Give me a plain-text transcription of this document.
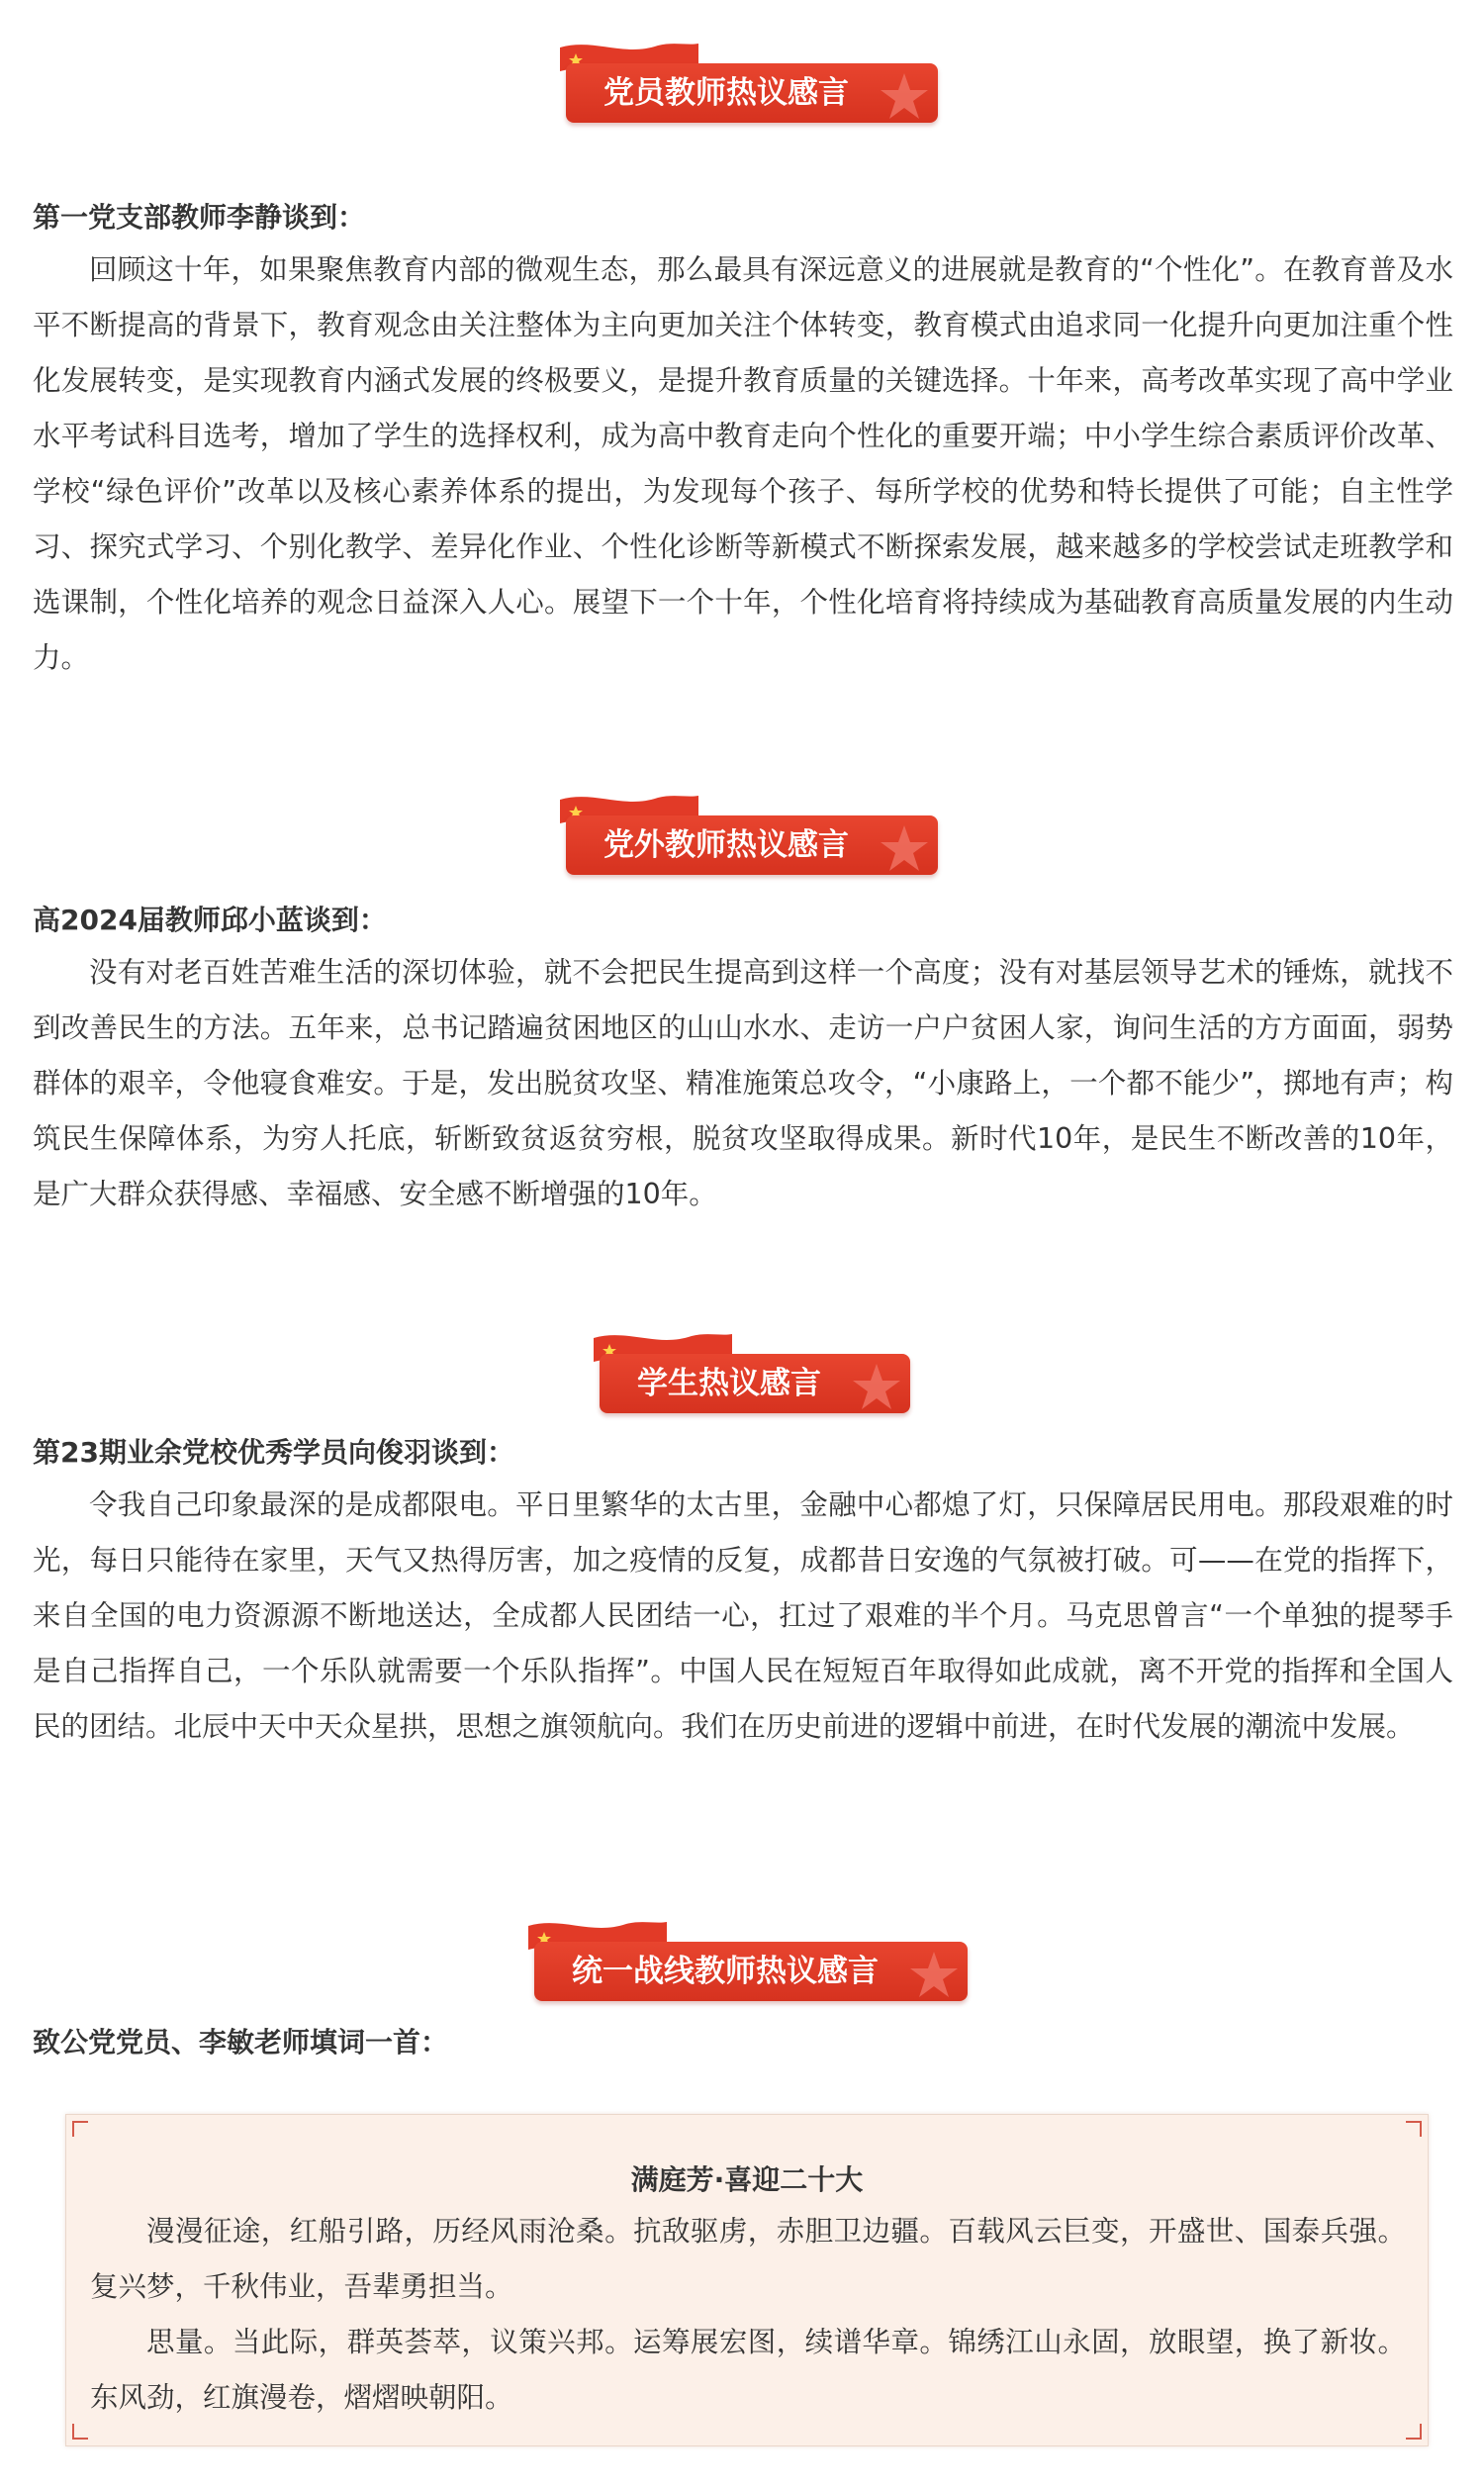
党员教师热议感言
第一党支部教师李静谈到：

回顾这十年，如果聚焦教育内部的微观生态，那么最具有深远意义的进展就是教育的“个性化”。在教育普及水平不断提高的背景下，教育观念由关注整体为主向更加关注个体转变，教育模式由追求同一化提升向更加注重个性化发展转变，是实现教育内涵式发展的终极要义，是提升教育质量的关键选择。十年来，高考改革实现了高中学业水平考试科目选考，增加了学生的选择权利，成为高中教育走向个性化的重要开端；中小学生综合素质评价改革、学校“绿色评价”改革以及核心素养体系的提出，为发现每个孩子、每所学校的优势和特长提供了可能；自主性学习、探究式学习、个别化教学、差异化作业、个性化诊断等新模式不断探索发展，越来越多的学校尝试走班教学和选课制，个性化培养的观念日益深入人心。展望下一个十年，个性化培育将持续成为基础教育高质量发展的内生动力。

党外教师热议感言
高2024届教师邱小蓝谈到：

没有对老百姓苦难生活的深切体验，就不会把民生提高到这样一个高度；没有对基层领导艺术的锤炼，就找不到改善民生的方法。五年来，总书记踏遍贫困地区的山山水水、走访一户户贫困人家，询问生活的方方面面，弱势群体的艰辛，令他寝食难安。于是，发出脱贫攻坚、精准施策总攻令，“小康路上，一个都不能少”，掷地有声；构筑民生保障体系，为穷人托底，斩断致贫返贫穷根，脱贫攻坚取得成果。新时代10年，是民生不断改善的10年，是广大群众获得感、幸福感、安全感不断增强的10年。

学生热议感言
第23期业余党校优秀学员向俊羽谈到：

令我自己印象最深的是成都限电。平日里繁华的太古里，金融中心都熄了灯，只保障居民用电。那段艰难的时光，每日只能待在家里，天气又热得厉害，加之疫情的反复，成都昔日安逸的气氛被打破。可——在党的指挥下，来自全国的电力资源源不断地送达，全成都人民团结一心，扛过了艰难的半个月。马克思曾言“一个单独的提琴手是自己指挥自己，一个乐队就需要一个乐队指挥”。中国人民在短短百年取得如此成就，离不开党的指挥和全国人民的团结。北辰中天中天众星拱，思想之旗领航向。我们在历史前进的逻辑中前进，在时代发展的潮流中发展。

统一战线教师热议感言
致公党党员、李敏老师填词一首：
满庭芳·喜迎二十大

漫漫征途，红船引路，历经风雨沧桑。抗敌驱虏，赤胆卫边疆。百载风云巨变，开盛世、国泰兵强。复兴梦，千秋伟业，吾辈勇担当。

思量。当此际，群英荟萃，议策兴邦。运筹展宏图，续谱华章。锦绣江山永固，放眼望，换了新妆。东风劲，红旗漫卷，熠熠映朝阳。
